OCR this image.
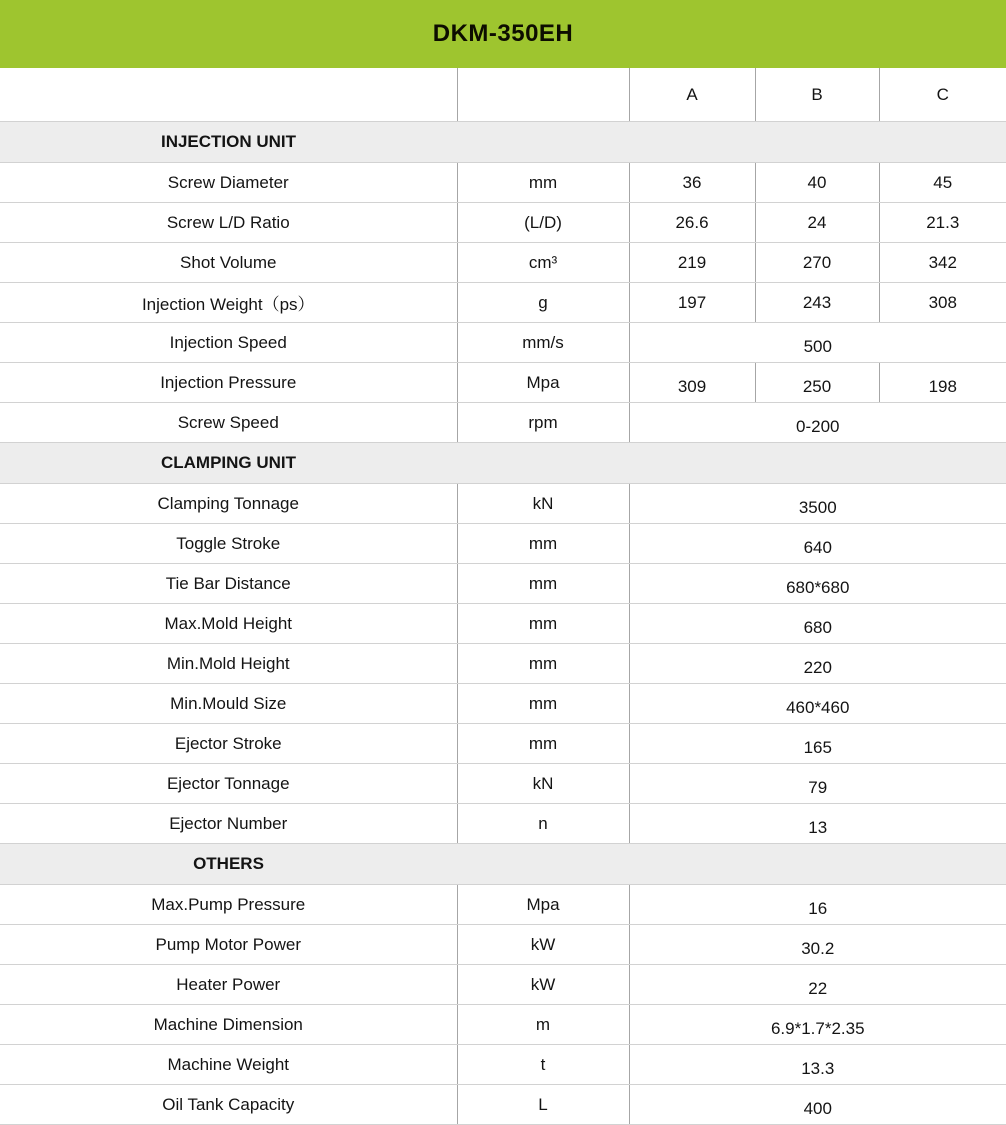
DKM-350EH
		A	B	C

INJECTION UNIT				

Screw Diameter	mm	36	40	45
Screw L/D Ratio	(L/D)	26.6	24	21.3
Shot Volume	cm³	219	270	342
Injection Weight（ps）	g	197	243	308
Injection Speed	mm/s	500		
Injection Pressure	Mpa	309	250	198
Screw Speed	rpm	0-200		

CLAMPING UNIT				

Clamping Tonnage	kN	3500		
Toggle Stroke	mm	640		
Tie Bar Distance	mm	680*680		
Max.Mold Height	mm	680		
Min.Mold Height	mm	220		
Min.Mould Size	mm	460*460		
Ejector Stroke	mm	165		
Ejector Tonnage	kN	79		
Ejector Number	n	13		

OTHERS				

Max.Pump Pressure	Mpa	16		
Pump Motor Power	kW	30.2		
Heater Power	kW	22		
Machine Dimension	m	6.9*1.7*2.35		
Machine Weight	t	13.3		
Oil Tank Capacity	L	400		
